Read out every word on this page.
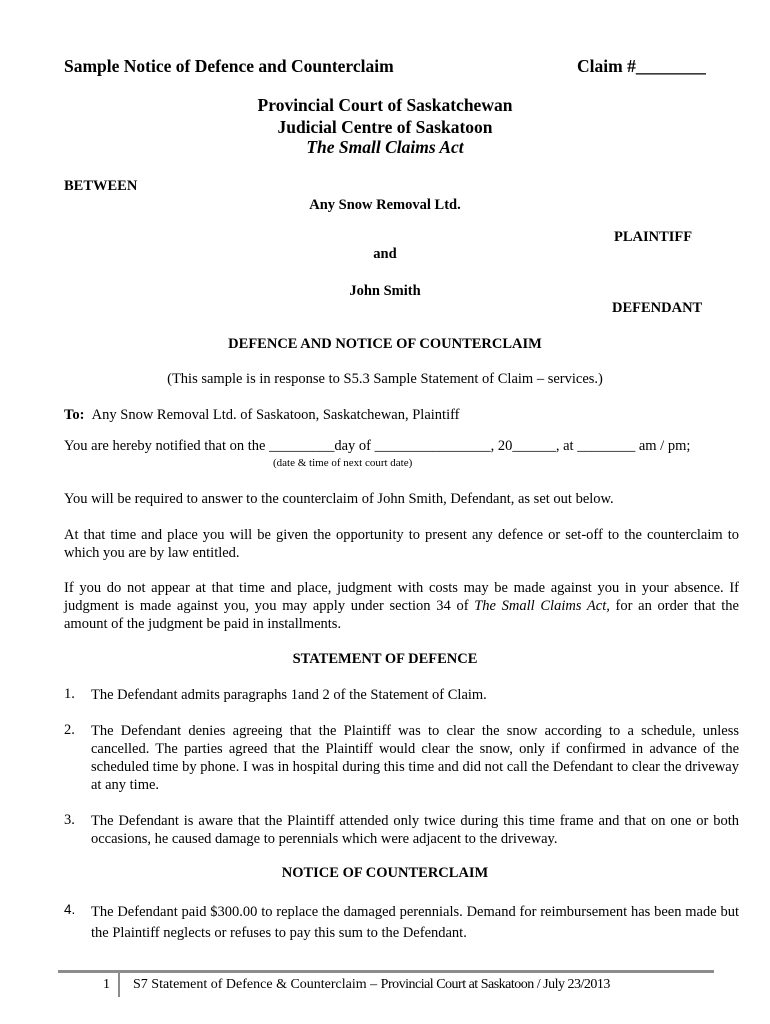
Sample Notice of Defence and Counterclaim	Claim #________
Provincial Court of Saskatchewan
Judicial Centre of Saskatoon
The Small Claims Act
BETWEEN
Any Snow Removal Ltd.
PLAINTIFF
and
John Smith
DEFENDANT
DEFENCE AND NOTICE OF COUNTERCLAIM
(This sample is in response to S5.3 Sample Statement of Claim – services.)
To: Any Snow Removal Ltd. of Saskatoon, Saskatchewan, Plaintiff
You are hereby notified that on the _________day of ________________, 20______, at ________ am / pm;
(date & time of next court date)
You will be required to answer to the counterclaim of John Smith, Defendant, as set out below.
At that time and place you will be given the opportunity to present any defence or set-off to the counterclaim to which you are by law entitled.
If you do not appear at that time and place, judgment with costs may be made against you in your absence. If judgment is made against you, you may apply under section 34 of The Small Claims Act, for an order that the amount of the judgment be paid in installments.
STATEMENT OF DEFENCE
1. The Defendant admits paragraphs 1and 2 of the Statement of Claim.
2. The Defendant denies agreeing that the Plaintiff was to clear the snow according to a schedule, unless cancelled. The parties agreed that the Plaintiff would clear the snow, only if confirmed in advance of the scheduled time by phone. I was in hospital during this time and did not call the Defendant to clear the driveway at any time.
3. The Defendant is aware that the Plaintiff attended only twice during this time frame and that on one or both occasions, he caused damage to perennials which were adjacent to the driveway.
NOTICE OF COUNTERCLAIM
4. The Defendant paid $300.00 to replace the damaged perennials. Demand for reimbursement has been made but the Plaintiff neglects or refuses to pay this sum to the Defendant.
1 S7 Statement of Defence & Counterclaim – Provincial Court at Saskatoon / July 23/2013
